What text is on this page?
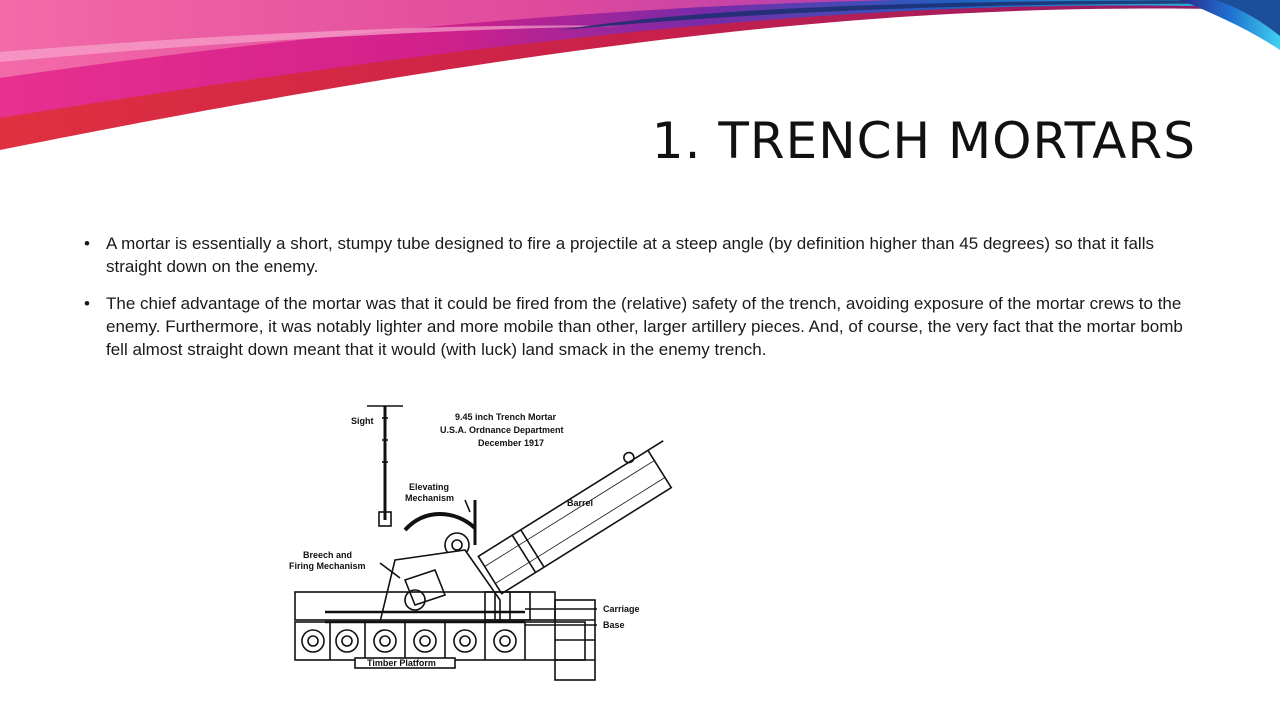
1. TRENCH MORTARS
• A mortar is essentially a short, stumpy tube designed to fire a projectile at a steep angle (by definition higher than 45 degrees) so that it falls straight down on the enemy.
• The chief advantage of the mortar was that it could be fired from the (relative) safety of the trench, avoiding exposure of the mortar crews to the enemy. Furthermore, it was notably lighter and more mobile than other, larger artillery pieces. And, of course, the very fact that the mortar bomb fell almost straight down meant that it would (with luck) land smack in the enemy trench.
Sight	9.45 inch Trench Mortar
U.S.A. Ordnance Department
December 1917
Elevating
Mechanism	Barrel
Breech and
Firing Mechanism
Carriage
Base
Timber Platform
